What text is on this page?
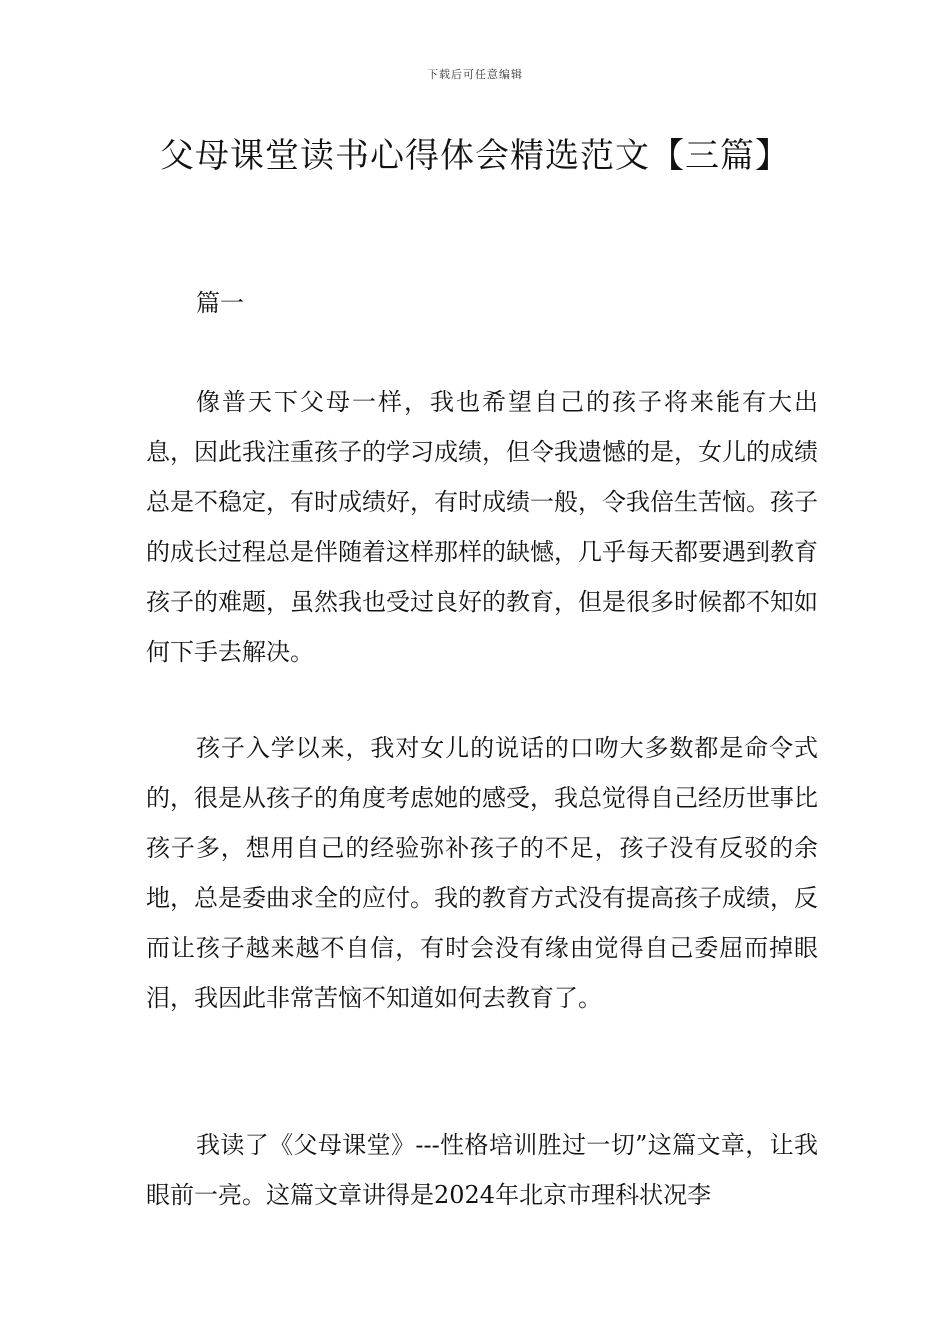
下载后可任意编辑
父母课堂读书心得体会精选范文【三篇】

篇一

像普天下父母一样，我也希望自己的孩子将来能有大出息，因此我注重孩子的学习成绩，但令我遗憾的是，女儿的成绩总是不稳定，有时成绩好，有时成绩一般，令我倍生苦恼。孩子的成长过程总是伴随着这样那样的缺憾，几乎每天都要遇到教育孩子的难题，虽然我也受过良好的教育，但是很多时候都不知如何下手去解决。

孩子入学以来，我对女儿的说话的口吻大多数都是命令式的，很是从孩子的角度考虑她的感受，我总觉得自己经历世事比孩子多，想用自己的经验弥补孩子的不足，孩子没有反驳的余地，总是委曲求全的应付。我的教育方式没有提高孩子成绩，反而让孩子越来越不自信，有时会没有缘由觉得自己委屈而掉眼泪，我因此非常苦恼不知道如何去教育了。

我读了《父母课堂》---性格培训胜过一切”这篇文章，让我眼前一亮。这篇文章讲得是2024年北京市理科状况李
